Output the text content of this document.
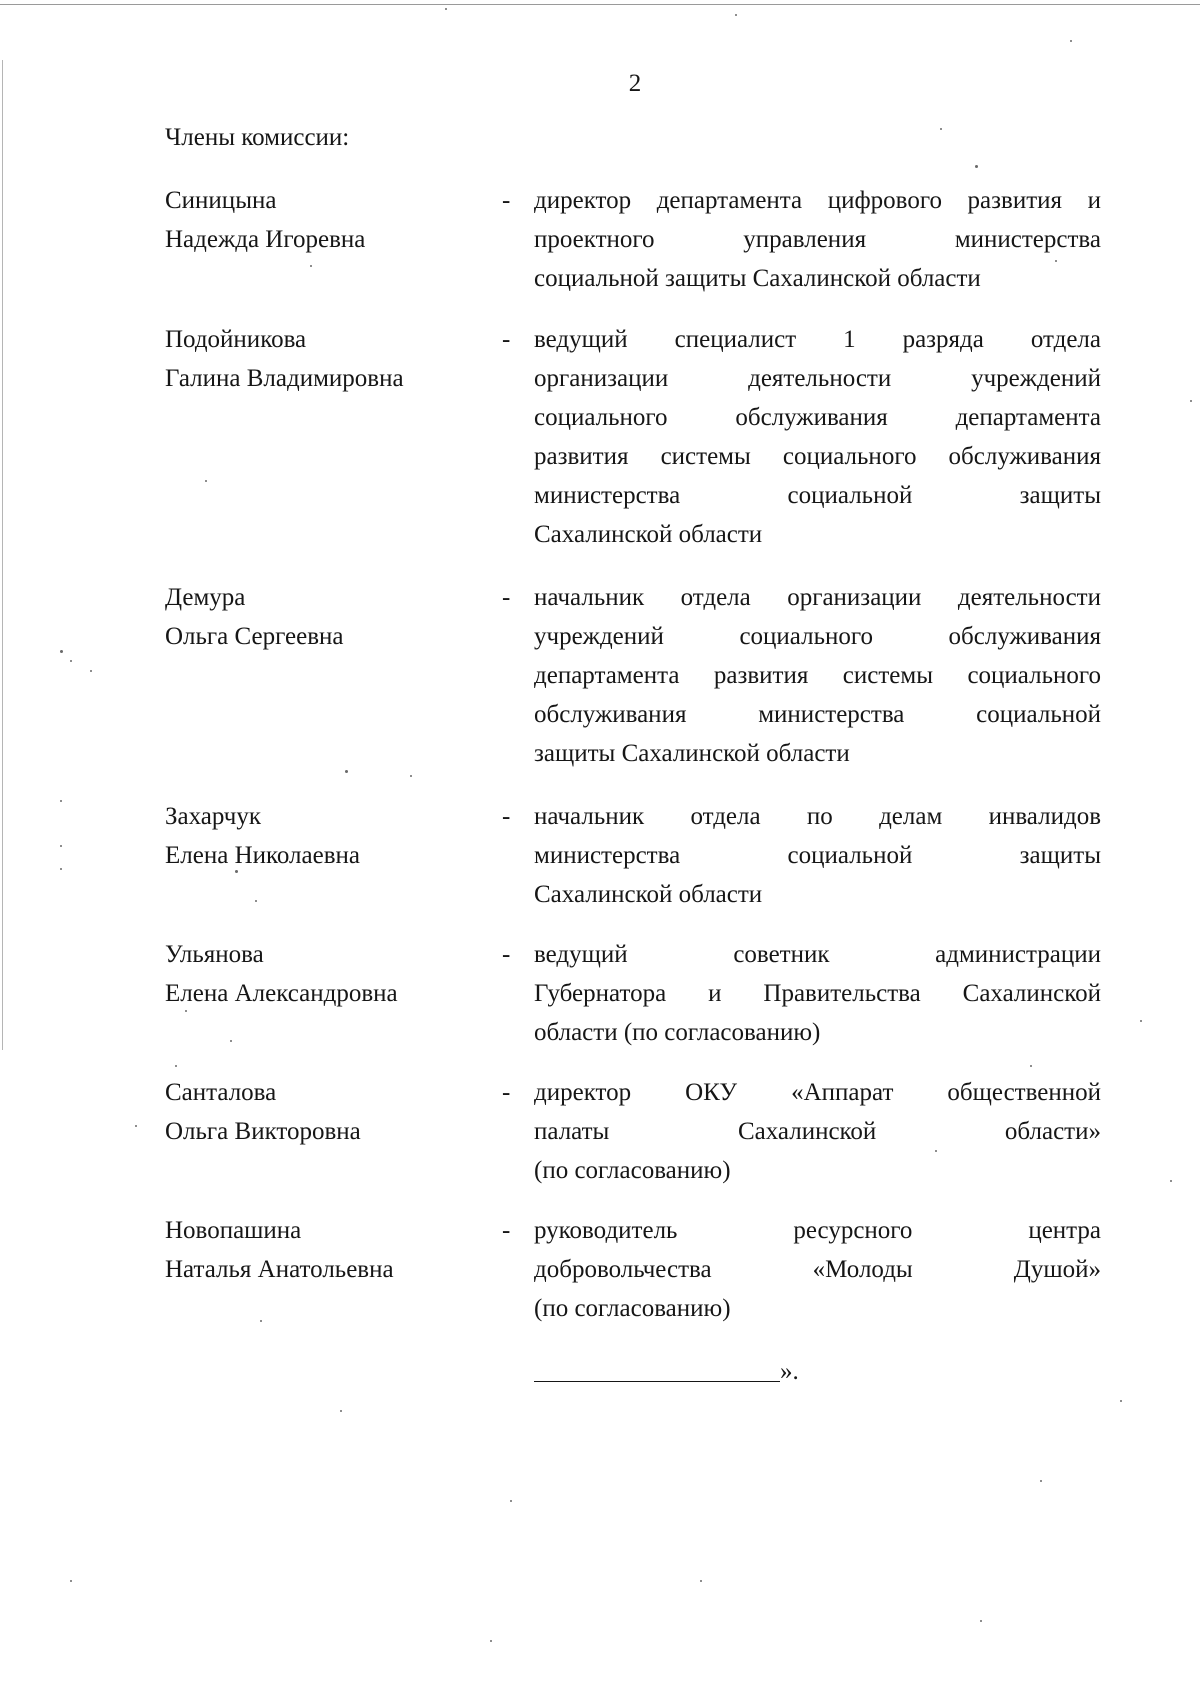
2
Члены комиссии:
Синицына
Надежда Игоревна
- директор департамента цифрового развития и
проектного управления министерства
социальной защиты Сахалинской области
Подойникова
Галина Владимировна
- ведущий специалист 1 разряда отдела
организации деятельности учреждений
социального обслуживания департамента
развития системы социального обслуживания
министерства социальной защиты
Сахалинской области
Демура
Ольга Сергеевна
- начальник отдела организации деятельности
учреждений социального обслуживания
департамента развития системы социального
обслуживания министерства социальной
защиты Сахалинской области
Захарчук
Елена Николаевна
- начальник отдела по делам инвалидов
министерства социальной защиты
Сахалинской области
Ульянова
Елена Александровна
- ведущий советник администрации
Губернатора и Правительства Сахалинской
области (по согласованию)
Санталова
Ольга Викторовна
- директор ОКУ «Аппарат общественной
палаты Сахалинской области»
(по согласованию)
Новопашина
Наталья Анатольевна
- руководитель ресурсного центра
добровольчества «Молоды Душой»
(по согласованию)
».
